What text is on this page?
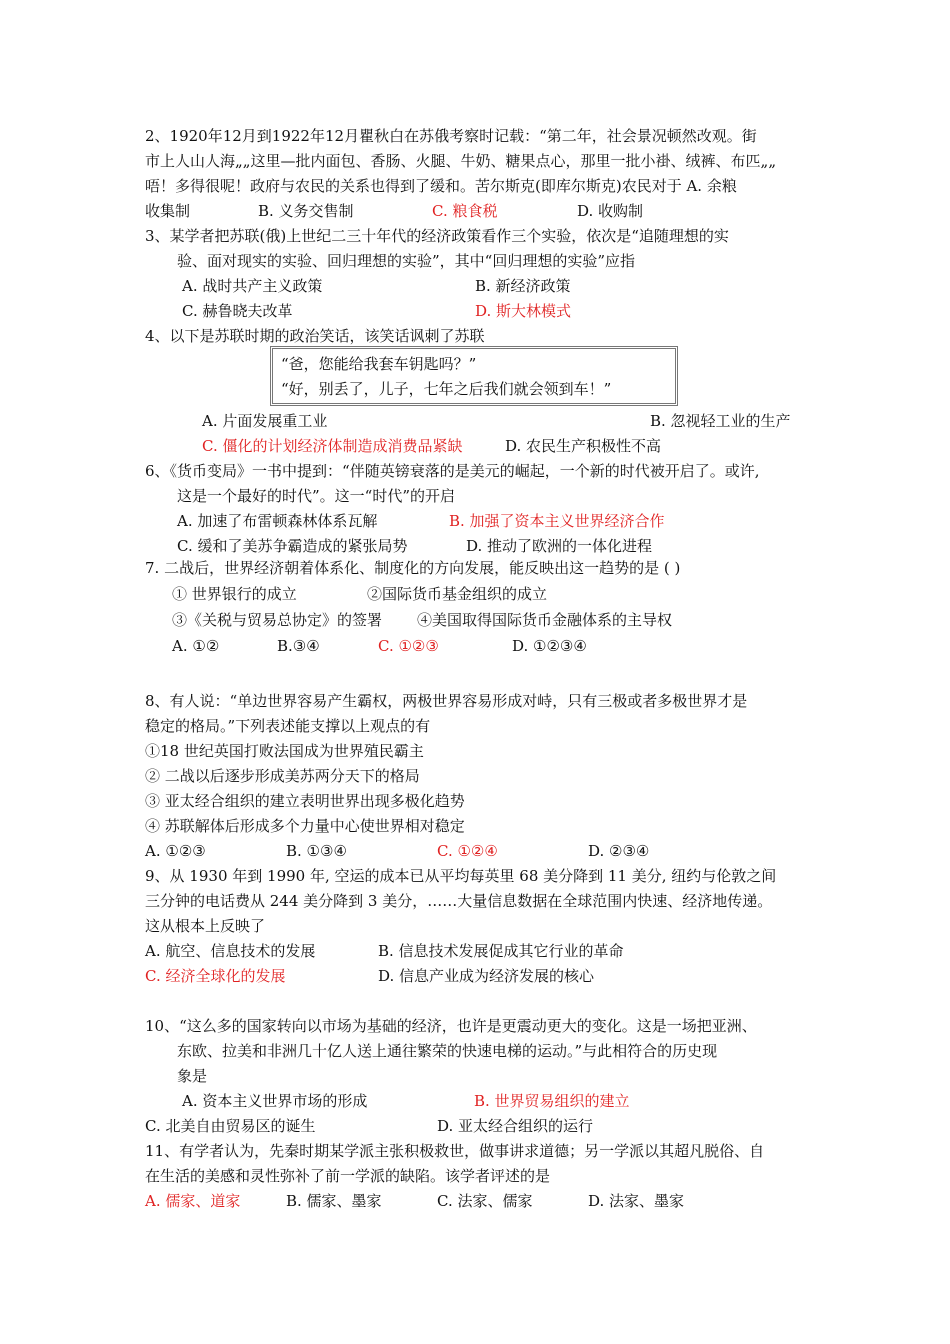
2、1920年12月到1922年12月瞿秋白在苏俄考察时记载：“第二年，社会景况顿然改观。街
市上人山人海„„这里—批内面包、香肠、火腿、牛奶、糖果点心，那里一批小褂、绒裤、布匹„„
唔！多得很呢！政府与农民的关系也得到了缓和。苦尔斯克(即库尔斯克)农民对于 A. 余粮
收集制	B. 义务交售制	C. 粮食税	D. 收购制
3、某学者把苏联(俄)上世纪二三十年代的经济政策看作三个实验，依次是“追随理想的实
验、面对现实的实验、回归理想的实验”，其中“回归理想的实验”应指
A. 战时共产主义政策	B. 新经济政策
C. 赫鲁晓夫改革	D. 斯大林模式
4、以下是苏联时期的政治笑话，该笑话讽刺了苏联
“爸，您能给我套车钥匙吗？”
“好，别丢了，儿子，七年之后我们就会领到车！”
A. 片面发展重工业	B. 忽视轻工业的生产
C. 僵化的计划经济体制造成消费品紧缺	D. 农民生产积极性不高
6、《货币变局》一书中提到：“伴随英镑衰落的是美元的崛起，一个新的时代被开启了。或许,
这是一个最好的时代”。这一“时代”的开启
A. 加速了布雷顿森林体系瓦解	B. 加强了资本主义世界经济合作
C. 缓和了美苏争霸造成的紧张局势	D. 推动了欧洲的一体化进程
7. 二战后，世界经济朝着体系化、制度化的方向发展，能反映出这一趋势的是 ( )
① 世界银行的成立	②国际货币基金组织的成立
③《关税与贸易总协定》的签署 ④美国取得国际货币金融体系的主导权
A. ①②	B.③④	C. ①②③	D. ①②③④
8、有人说：“单边世界容易产生霸权，两极世界容易形成对峙，只有三极或者多极世界才是
稳定的格局。”下列表述能支撑以上观点的有
①18 世纪英国打败法国成为世界殖民霸主
② 二战以后逐步形成美苏两分天下的格局
③ 亚太经合组织的建立表明世界出现多极化趋势
④ 苏联解体后形成多个力量中心使世界相对稳定
A. ①②③	B. ①③④	C. ①②④	D. ②③④
9、从 1930 年到 1990 年, 空运的成本已从平均每英里 68 美分降到 11 美分, 纽约与伦敦之间
三分钟的电话费从 244 美分降到 3 美分，……大量信息数据在全球范围内快速、经济地传递。
这从根本上反映了
A. 航空、信息技术的发展	B. 信息技术发展促成其它行业的革命
C. 经济全球化的发展	D. 信息产业成为经济发展的核心
10、“这么多的国家转向以市场为基础的经济，也许是更震动更大的变化。这是一场把亚洲、
东欧、拉美和非洲几十亿人送上通往繁荣的快速电梯的运动。”与此相符合的历史现
象是
A. 资本主义世界市场的形成	B. 世界贸易组织的建立
C. 北美自由贸易区的诞生	D. 亚太经合组织的运行
11、有学者认为，先秦时期某学派主张积极救世，做事讲求道德；另一学派以其超凡脱俗、自
在生活的美感和灵性弥补了前一学派的缺陷。该学者评述的是
A. 儒家、道家	B. 儒家、墨家	C. 法家、儒家	D. 法家、墨家
